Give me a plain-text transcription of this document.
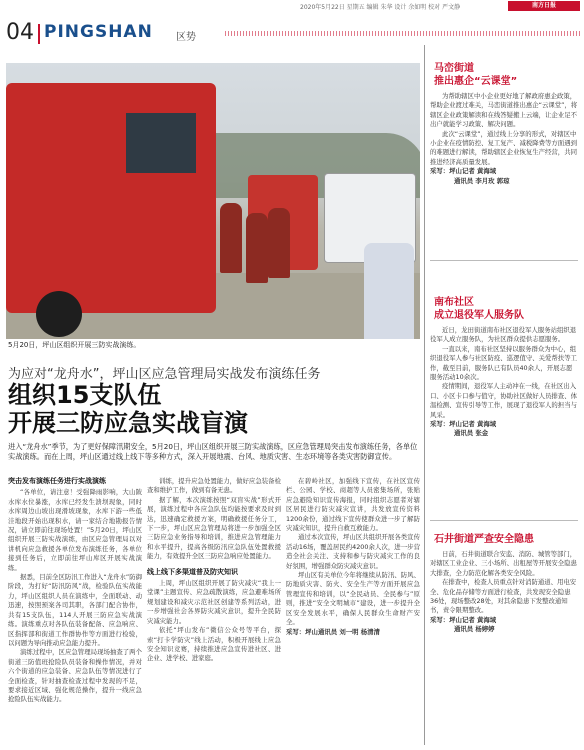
2020年5月22日 星期五 编辑 朱华 设计 余如明 校对 严文静	南方日报
04 PINGSHAN 区势
5月20日，坪山区组织开展三防实战演练。
为应对“龙舟水”，坪山区应急管理局实战发布演练任务
组织15支队伍
开展三防应急实战盲演
进入“龙舟水”季节，为了更好保障汛期安全，5月20日，坪山区组织开展三防实战演练，区应急管理局突击发布演练任务，各单位实战演练。而在上周，坪山区通过线上线下等多种方式，深入开展地震、台风、地质灾害、生态环境等各类灾害防御宣传。
突击发布演练任务进行实战演练

“各单位，请注意！受强降雨影响，大山陂水库水位暴涨，水库已经发生溃坝现象，同时水库周边山坡出现滑坡现象，水库下游一些低洼地段开始出现积水，请一家结合地勘报告情况，请立即前往现场处置！”5月20日，坪山区组织开展三防实战演练，由区应急管理局以对讲机向应急救援各单位发布演练任务，各单位接到任务后，立即前往坪山库区开展实战演练。

据悉，目前全区防汛工作进入“龙舟水”防御阶段，为打好“防汛防风”战，检验队伍实战能力，坪山区组织人员在演练中，全面联动、动迅速，按照预案各司其职，各部门配合协作，共有15支队伍，114人开展三防应急实战演练。演练重点对各队伍装备配备、应急响应、区指挥部和街道工作群协作等方面进行检验，以问题为导向推动应急能力提升。

演练过程中，区应急管理局现场抽查了两个街道三防值班抢险队员装备和操作情况，并对六个街道的应急装备、应急队伍等情况进行了全面检查，针对抽查检查过程中发现的不足，要求接近区域、强化规范操作，提升一线应急抢险队伍实战能力。

训练，提升应急处置能力，做好应急装备检查和维护工作，做到有备无患。

据了解，本次演练按照“双盲实战”形式开展，演练过程中各应急队伍均能按要求及时到达，迅速确定救援方案，明确救援任务分工，下一步，坪山区应急管理局将进一步加强全区三防应急业务指导和培训，推进应急管理能力和水平提升，提高各级防汛应急队伍处置救援能力，有效提升全区三防应急响应处置能力。

线上线下多渠道普及防灾知识

上周，坪山区组织开展了防灾减灾“我上一堂课”主题宣传、应急疏散演练，应急避难场所规划建设和减灾示范社区创建等系列活动，进一步增强社会各界防灾减灾意识，提升全民防灾减灾能力。

依托“坪山发布”微信公众号等平台，探索“打卡学防灾”线上活动，积极开展线上应急安全知识竞赛，持续推进应急宣传进社区、进企业、进学校、进家庭。

在碧岭社区，加强线下宣传，在社区宣传栏、公园、学校、商超等人员密集场所，张贴应急避险知识宣传海报，同时组织志愿者对辖区居民进行防灾减灾宣讲，共发放宣传资料1200余份，通过线下宣传使群众进一步了解防灾减灾知识，提升自救互救能力。

通过本次宣传，坪山区共组织开展各类宣传活动16场，覆盖居民约4200余人次，进一步营造全社会关注、支持和参与防灾减灾工作的良好氛围，增强群众防灾减灾意识。

坪山区有关单位今年将继续从防汛、防风、防地质灾害、防火、安全生产等方面开展应急管理宣传和培训，以“全民动员、全民参与”原则，推进“安全文明城市”建设，进一步提升全区安全发展水平，确保人民群众生命财产安全。

采写：坪山通讯员 刘一明 杨清清

马峦街道
推出惠企“云课堂”

为帮助辖区中小企业更好地了解政府惠企政策，帮助企业渡过难关，马峦街道推出惠企“云课堂”，将辖区企业政策解读和在线答疑搬上云端，让企业足不出户就能学习政策、解决问题。

此次“云课堂”，通过线上分享的形式，对辖区中小企业在疫情防控、复工复产、减税降费等方面遇到的难题进行解读，帮助辖区企业恢复生产经营，共同推进经济高质量发展。

采写：坪山记者 黄海域

通讯员 李月玫 郭琼

南布社区
成立退役军人服务队

近日，龙田街道南布社区退役军人服务站组织退役军人成立服务队，为社区群众提供志愿服务。

一直以来，南布社区坚持以服务群众为中心，组织退役军人参与社区防疫、巡逻值守、关爱帮扶等工作，截至目前，服务队已有队员40余人，开展志愿服务活动10余次。

疫情期间，退役军人主动冲在一线，在社区出入口、小区卡口参与值守，协助社区做好人员排查、体温检测、宣传引导等工作，展现了退役军人的担当与风采。

采写：坪山记者 黄海域

通讯员 张金

石井街道严查安全隐患

日前，石井街道联合安监、消防、城管等部门，对辖区工业企业、三小场所、出租屋等开展安全隐患大排查，全力防范化解各类安全风险。

在排查中，检查人员重点针对消防通道、用电安全、危化品存储等方面进行检查，共发现安全隐患36处，现场整改28处，对其余隐患下发整改通知书，责令限期整改。

采写：坪山记者 黄海域

通讯员 杨婷婷
